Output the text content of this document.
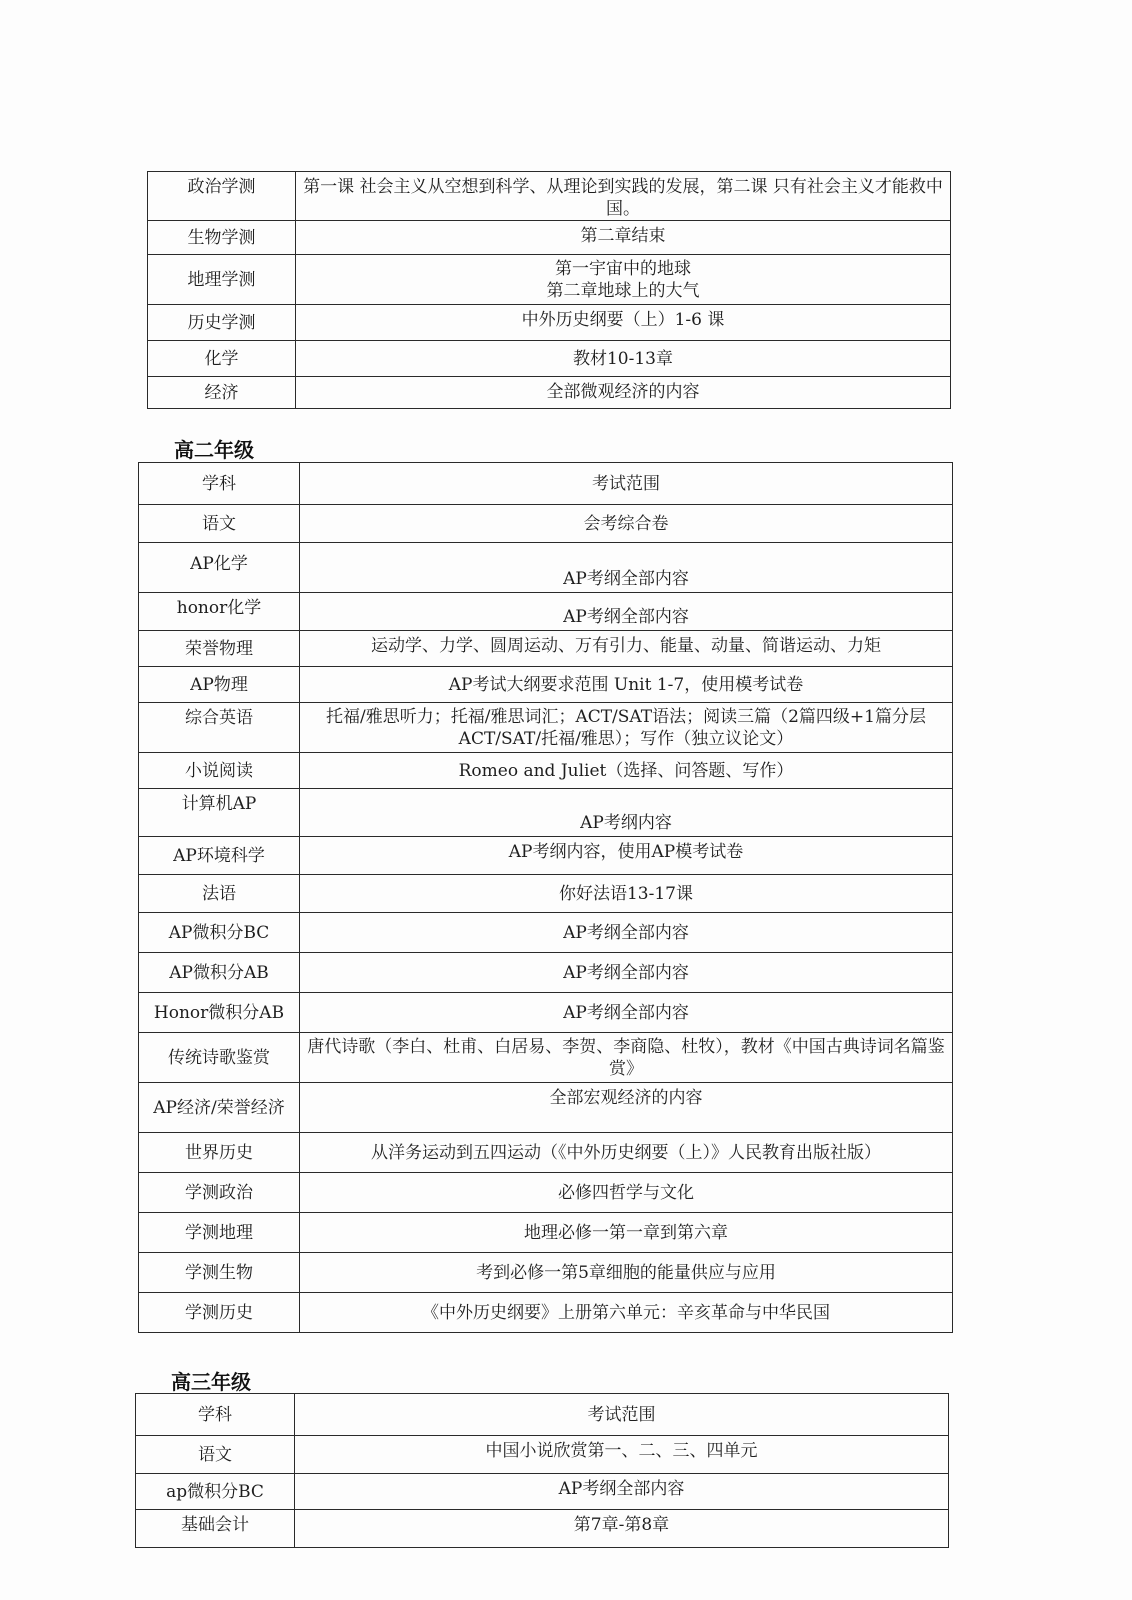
政治学测	第一课 社会主义从空想到科学、从理论到实践的发展，第二课 只有社会主义才能救中国。
生物学测	第二章结束
地理学测	第一宇宙中的地球
第二章地球上的大气

历史学测	中外历史纲要（上）1-6 课
化学	教材10-13章
经济	全部微观经济的内容
高二年级
学科	考试范围
语文	会考综合卷
AP化学	AP考纲全部内容
honor化学	AP考纲全部内容
荣誉物理	运动学、力学、圆周运动、万有引力、能量、动量、简谐运动、力矩
AP物理	AP考试大纲要求范围 Unit 1-7，使用模考试卷
综合英语	托福/雅思听力；托福/雅思词汇；ACT/SAT语法；阅读三篇（2篇四级+1篇分层ACT/SAT/托福/雅思）；写作（独立议论文）
小说阅读	Romeo and Juliet（选择、问答题、写作）
计算机AP	AP考纲内容
AP环境科学	AP考纲内容，使用AP模考试卷
法语	你好法语13-17课
AP微积分BC	AP考纲全部内容
AP微积分AB	AP考纲全部内容
Honor微积分AB	AP考纲全部内容
传统诗歌鉴赏	唐代诗歌（李白、杜甫、白居易、李贺、李商隐、杜牧），教材《中国古典诗词名篇鉴赏》
AP经济/荣誉经济	全部宏观经济的内容
世界历史	从洋务运动到五四运动（《中外历史纲要（上）》人民教育出版社版）
学测政治	必修四哲学与文化
学测地理	地理必修一第一章到第六章
学测生物	考到必修一第5章细胞的能量供应与应用
学测历史	《中外历史纲要》上册第六单元：辛亥革命与中华民国
高三年级
学科	考试范围
语文	中国小说欣赏第一、二、三、四单元
ap微积分BC	AP考纲全部内容
基础会计	第7章-第8章
